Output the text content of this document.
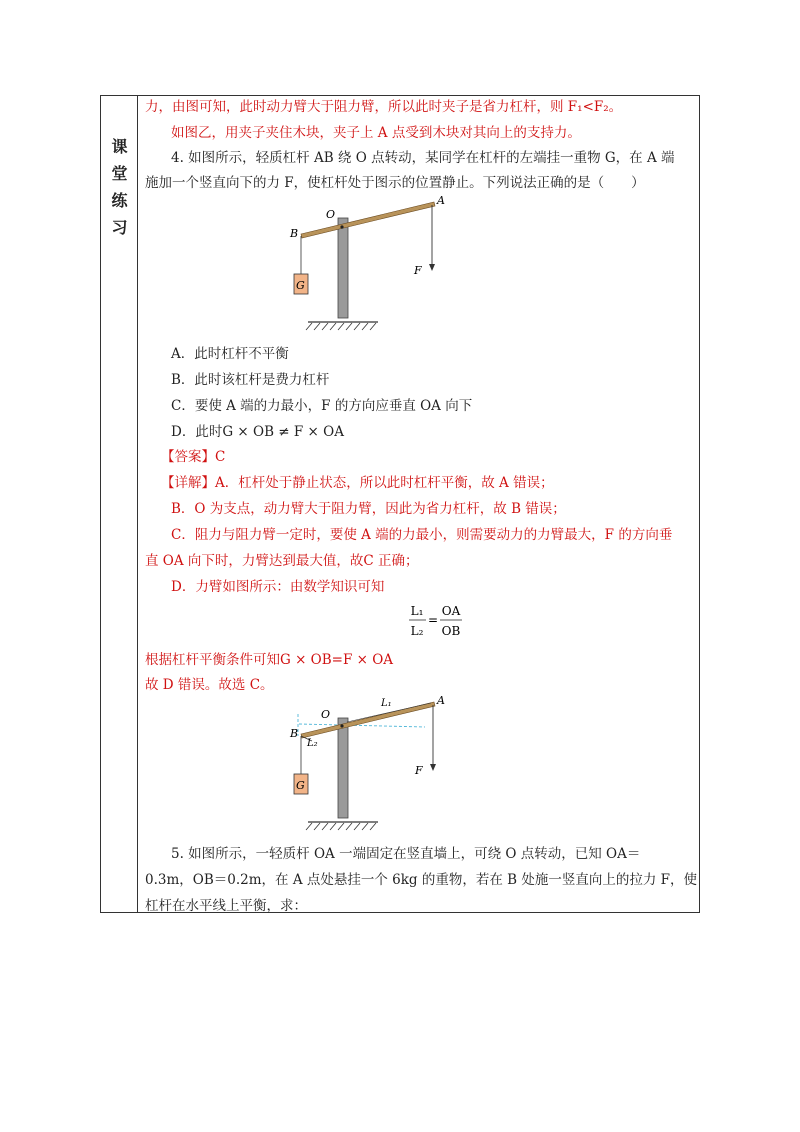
课
堂
练
习
力，由图可知，此时动力臂大于阻力臂，所以此时夹子是省力杠杆，则 F₁<F₂。
如图乙，用夹子夹住木块，夹子上 A 点受到木块对其向上的支持力。
4. 如图所示，轻质杠杆 AB 绕 O 点转动，某同学在杠杆的左端挂一重物 G，在 A 端
施加一个竖直向下的力 F，使杠杆处于图示的位置静止。下列说法正确的是（　　）
O
A
B
F
G
A．此时杠杆不平衡
B．此时该杠杆是费力杠杆
C．要使 A 端的力最小，F 的方向应垂直 OA 向下
D．此时G × OB ≠ F × OA
【答案】C
【详解】A．杠杆处于静止状态，所以此时杠杆平衡，故 A 错误；
B．O 为支点，动力臂大于阻力臂，因此为省力杠杆，故 B 错误；
C．阻力与阻力臂一定时，要使 A 端的力最小，则需要动力的力臂最大，F 的方向垂
直 OA 向下时，力臂达到最大值，故C 正确；
D．力臂如图所示：由数学知识可知
L₁
L₂
=
OA
OB
根据杠杆平衡条件可知G × OB=F × OA
故 D 错误。故选 C。
O
A
B
F
G
L₁
L₂
5. 如图所示，一轻质杆 OA 一端固定在竖直墙上，可绕 O 点转动，已知 OA＝
0.3m，OB＝0.2m，在 A 点处悬挂一个 6kg 的重物，若在 B 处施一竖直向上的拉力 F，使
杠杆在水平线上平衡，求：
